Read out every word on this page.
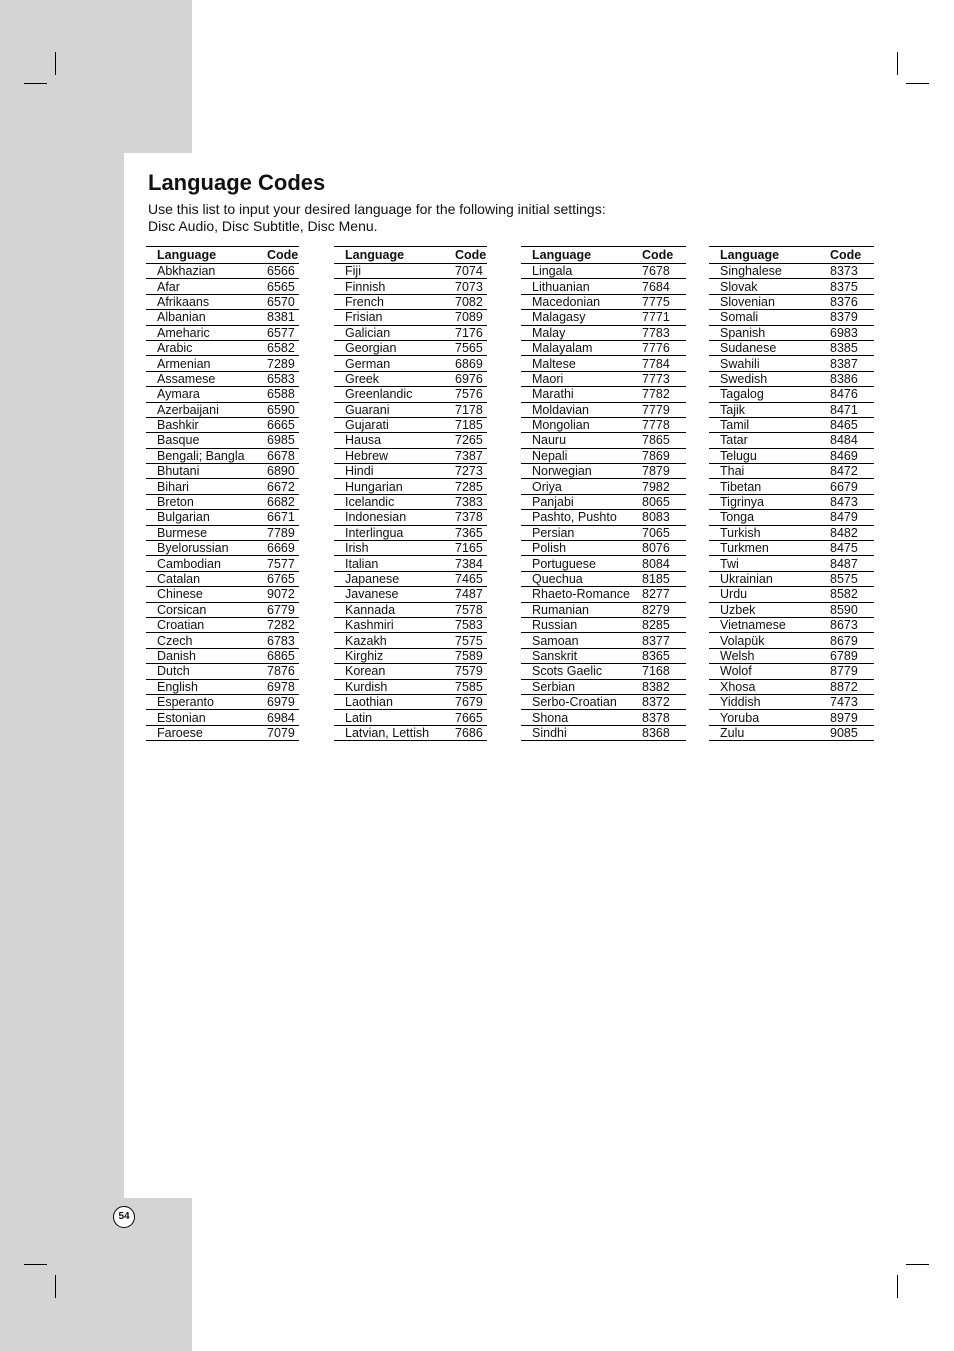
Language Codes
Use this list to input your desired language for the following initial settings:
Disc Audio, Disc Subtitle, Disc Menu.
Language	Code
Abkhazian	6566
Afar	6565
Afrikaans	6570
Albanian	8381
Ameharic	6577
Arabic	6582
Armenian	7289
Assamese	6583
Aymara	6588
Azerbaijani	6590
Bashkir	6665
Basque	6985
Bengali; Bangla	6678
Bhutani	6890
Bihari	6672
Breton	6682
Bulgarian	6671
Burmese	7789
Byelorussian	6669
Cambodian	7577
Catalan	6765
Chinese	9072
Corsican	6779
Croatian	7282
Czech	6783
Danish	6865
Dutch	7876
English	6978
Esperanto	6979
Estonian	6984
Faroese	7079
Language	Code
Fiji	7074
Finnish	7073
French	7082
Frisian	7089
Galician	7176
Georgian	7565
German	6869
Greek	6976
Greenlandic	7576
Guarani	7178
Gujarati	7185
Hausa	7265
Hebrew	7387
Hindi	7273
Hungarian	7285
Icelandic	7383
Indonesian	7378
Interlingua	7365
Irish	7165
Italian	7384
Japanese	7465
Javanese	7487
Kannada	7578
Kashmiri	7583
Kazakh	7575
Kirghiz	7589
Korean	7579
Kurdish	7585
Laothian	7679
Latin	7665
Latvian, Lettish	7686
Language	Code
Lingala	7678
Lithuanian	7684
Macedonian	7775
Malagasy	7771
Malay	7783
Malayalam	7776
Maltese	7784
Maori	7773
Marathi	7782
Moldavian	7779
Mongolian	7778
Nauru	7865
Nepali	7869
Norwegian	7879
Oriya	7982
Panjabi	8065
Pashto, Pushto	8083
Persian	7065
Polish	8076
Portuguese	8084
Quechua	8185
Rhaeto-Romance	8277
Rumanian	8279
Russian	8285
Samoan	8377
Sanskrit	8365
Scots Gaelic	7168
Serbian	8382
Serbo-Croatian	8372
Shona	8378
Sindhi	8368
Language	Code
Singhalese	8373
Slovak	8375
Slovenian	8376
Somali	8379
Spanish	6983
Sudanese	8385
Swahili	8387
Swedish	8386
Tagalog	8476
Tajik	8471
Tamil	8465
Tatar	8484
Telugu	8469
Thai	8472
Tibetan	6679
Tigrinya	8473
Tonga	8479
Turkish	8482
Turkmen	8475
Twi	8487
Ukrainian	8575
Urdu	8582
Uzbek	8590
Vietnamese	8673
Volapük	8679
Welsh	6789
Wolof	8779
Xhosa	8872
Yiddish	7473
Yoruba	8979
Zulu	9085
54
